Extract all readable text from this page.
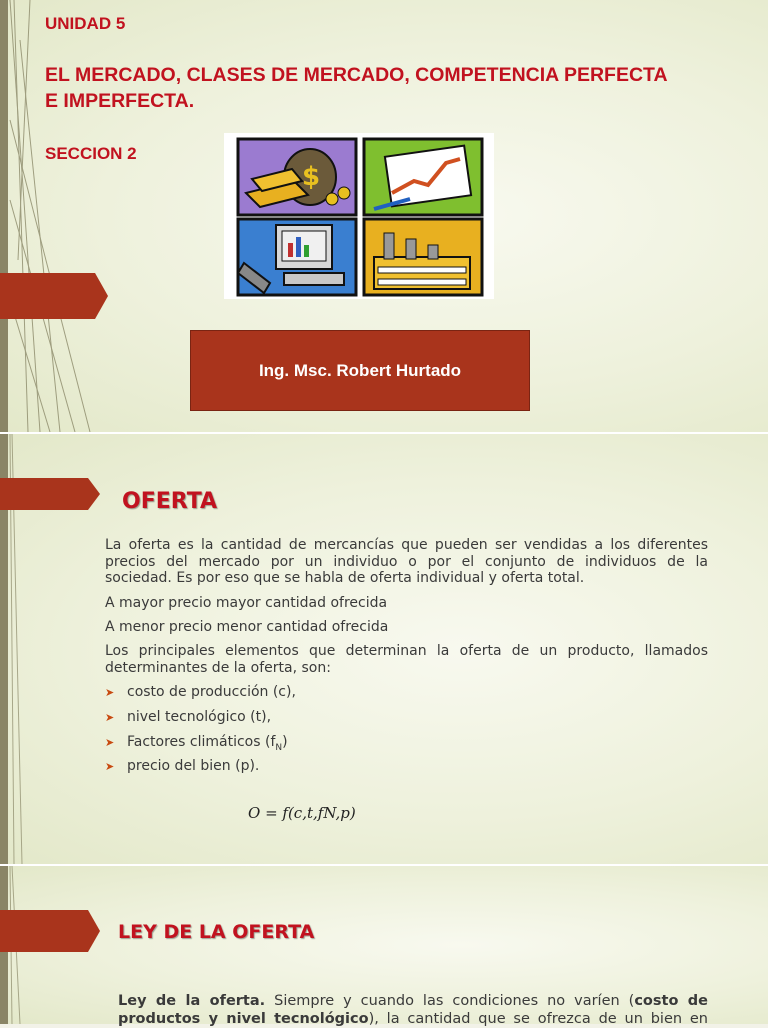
UNIDAD 5
EL MERCADO, CLASES DE MERCADO, COMPETENCIA PERFECTA
E IMPERFECTA.
SECCION 2
$
Ing. Msc. Robert Hurtado
OFERTA
La oferta es la cantidad de mercancías que pueden ser vendidas a los diferentes
precios del mercado por un individuo o por el conjunto de individuos de la
sociedad. Es por eso que se habla de oferta individual y oferta total.
A mayor precio mayor cantidad ofrecida
A menor precio menor cantidad ofrecida
Los principales elementos que determinan la oferta de un producto, llamados
determinantes de la oferta, son:
➤ costo de producción (c),
➤ nivel tecnológico (t),
➤ Factores climáticos $(f_N)$
➤ precio del bien (p).
O = f(c,t,fN,p)
LEY DE LA OFERTA
Ley de la oferta. Siempre y cuando las condiciones no varíen (costo de
productos y nivel tecnológico), la cantidad que se ofrezca de un bien en
